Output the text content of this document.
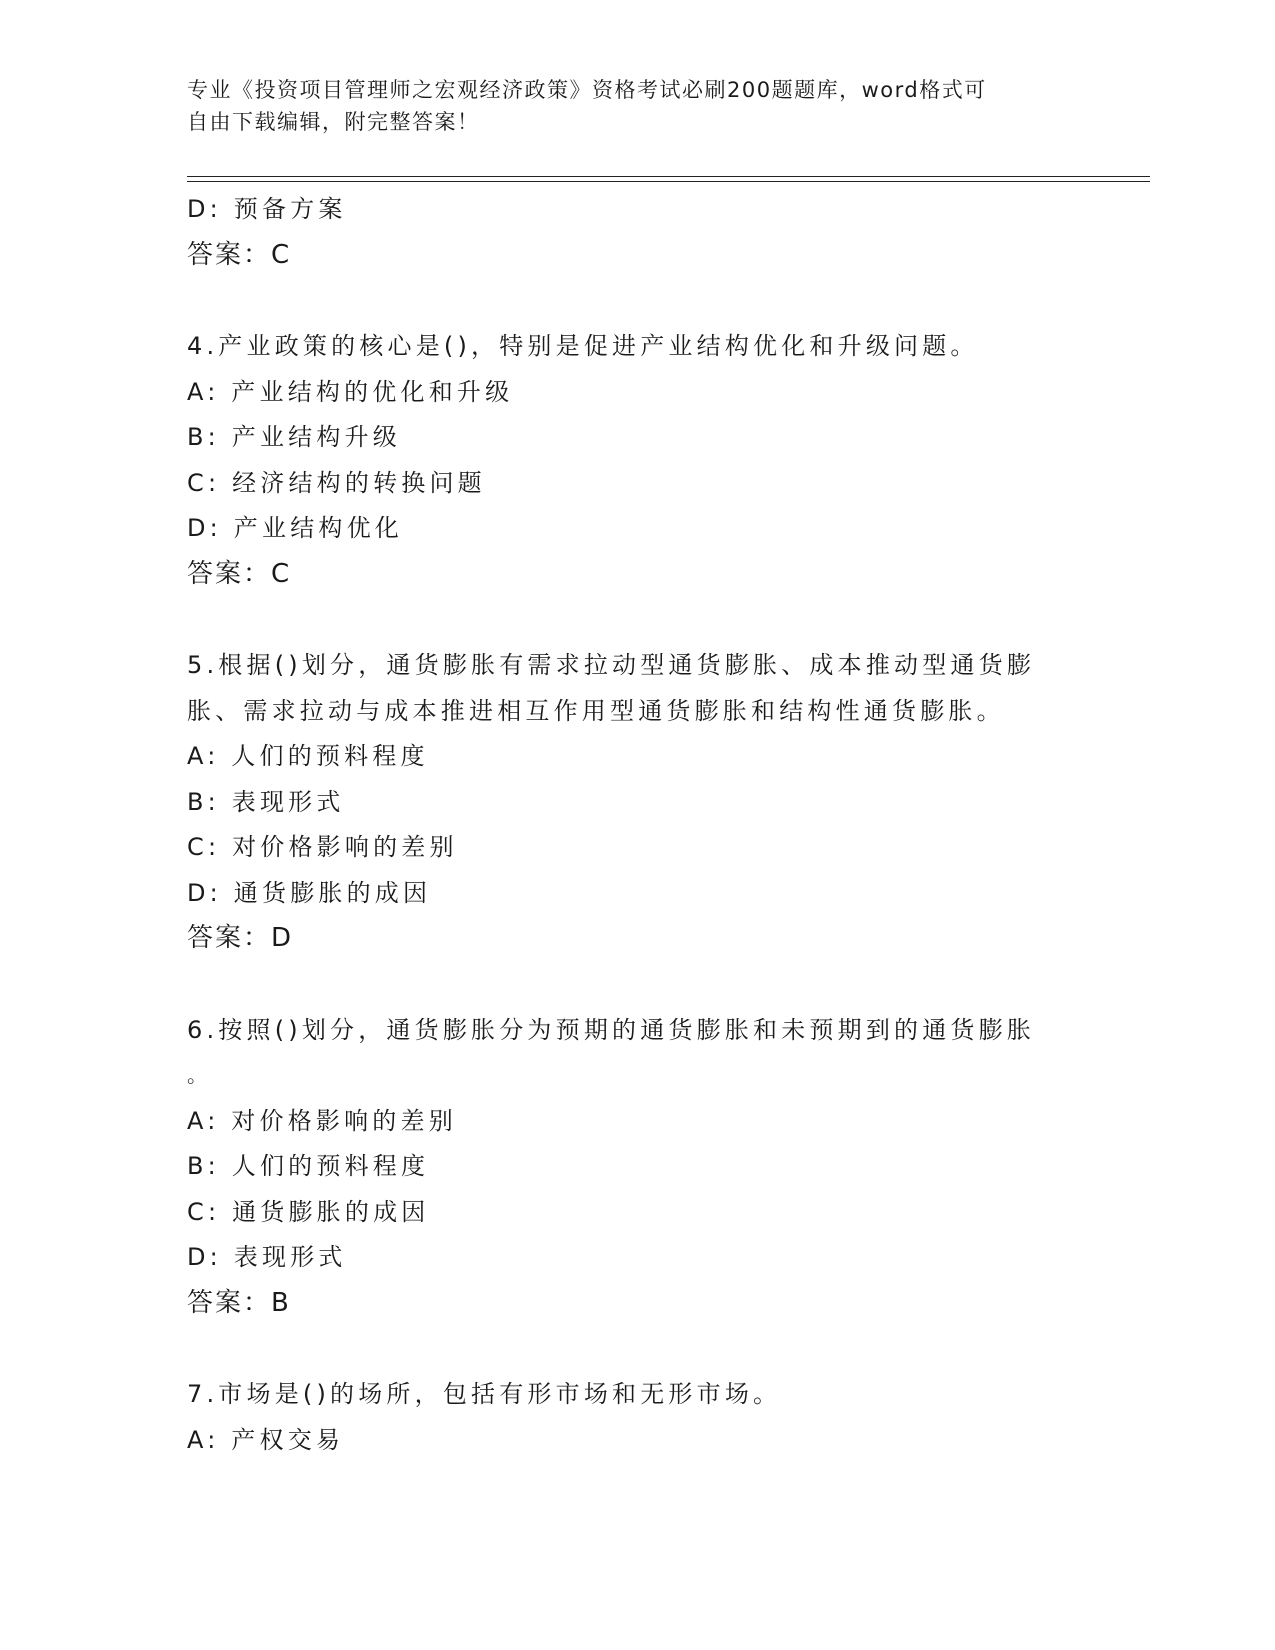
专业《投资项目管理师之宏观经济政策》资格考试必刷200题题库，word格式可
自由下载编辑，附完整答案！
D: 预备方案
答案：C
4.产业政策的核心是()，特别是促进产业结构优化和升级问题。
A: 产业结构的优化和升级
B: 产业结构升级
C: 经济结构的转换问题
D: 产业结构优化
答案：C
5.根据()划分，通货膨胀有需求拉动型通货膨胀、成本推动型通货膨
胀、需求拉动与成本推进相互作用型通货膨胀和结构性通货膨胀。
A: 人们的预料程度
B: 表现形式
C: 对价格影响的差别
D: 通货膨胀的成因
答案：D
6.按照()划分，通货膨胀分为预期的通货膨胀和未预期到的通货膨胀
。
A: 对价格影响的差别
B: 人们的预料程度
C: 通货膨胀的成因
D: 表现形式
答案：B
7.市场是()的场所，包括有形市场和无形市场。
A: 产权交易
